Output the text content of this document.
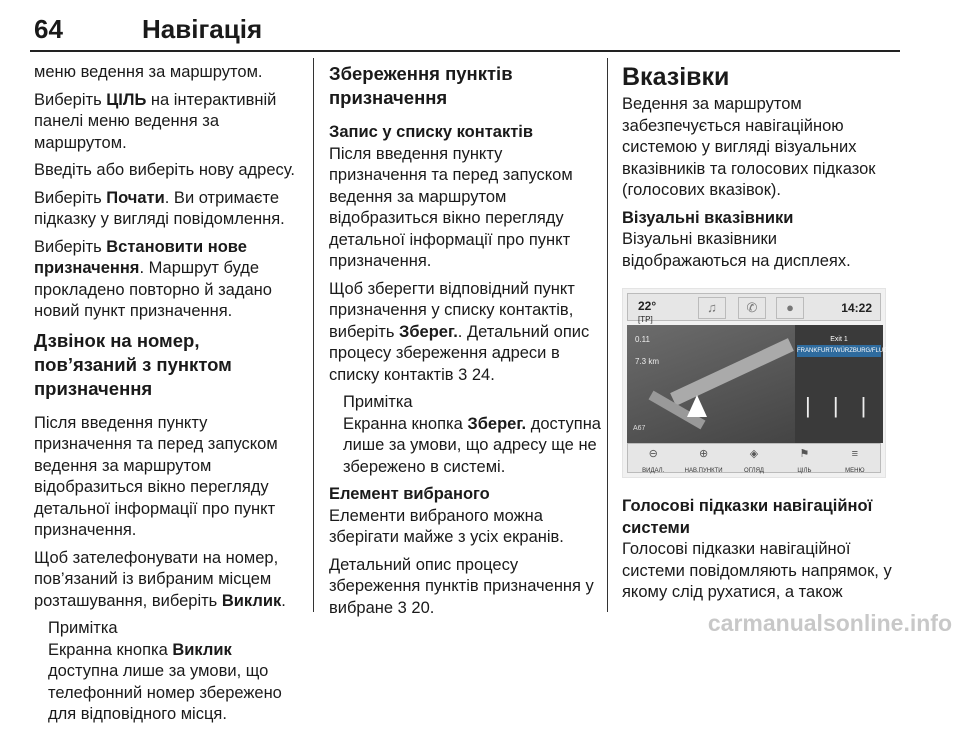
64	Навігація

меню ведення за маршрутом.

Виберіть ЦІЛЬ на інтерактивній панелі меню ведення за маршрутом.

Введіть або виберіть нову адресу.

Виберіть Почати. Ви отримаєте підказку у вигляді повідомлення.

Виберіть Встановити нове призначення. Маршрут буде прокладено повторно й задано новий пункт призначення.

Дзвінок на номер, пов’язаний з пунктом призначення

Після введення пункту призначення та перед запуском ведення за маршрутом відобразиться вікно перегляду детальної інформації про пункт призначення.

Щоб зателефонувати на номер, пов’язаний із вибраним місцем розташування, виберіть Виклик.

Примітка
Екранна кнопка Виклик доступна лише за умови, що телефонний номер збережено для відповідного місця.
Збереження пунктів призначення
Запис у списку контактів

Після введення пункту призначення та перед запуском ведення за маршрутом відобразиться вікно перегляду детальної інформації про пункт призначення.

Щоб зберегти відповідний пункт призначення у списку контактів, виберіть Зберег.. Детальний опис процесу збереження адреси в списку контактів 3 24.

Примітка
Екранна кнопка Зберег. доступна лише за умови, що адресу ще не збережено в системі.
Елемент вибраного

Елементи вибраного можна зберігати майже з усіх екранів.

Детальний опис процесу збереження пунктів призначення у вибране 3 20.

Вказівки

Ведення за маршрутом забезпечується навігаційною системою у вигляді візуальних вказівників та голосових підказок (голосових вказівок).

Візуальні вказівники

Візуальні вказівники відображаються на дисплеях.

22°
[TP]
♫	✆	●	14:22
0.11
7.3 km
A67
Exit 1
FRANKFURT/WÜRZBURG/FLUGHAFEN
| | |
⊖
ВИДАЛ.
⊕
НАВ.ПУНКТИ
◈
ОГЛЯД
⚑
ЦІЛЬ
≡
МЕНЮ
Голосові підказки навігаційної системи

Голосові підказки навігаційної системи повідомляють напрямок, у якому слід рухатися, а також

carmanualsonline.info
